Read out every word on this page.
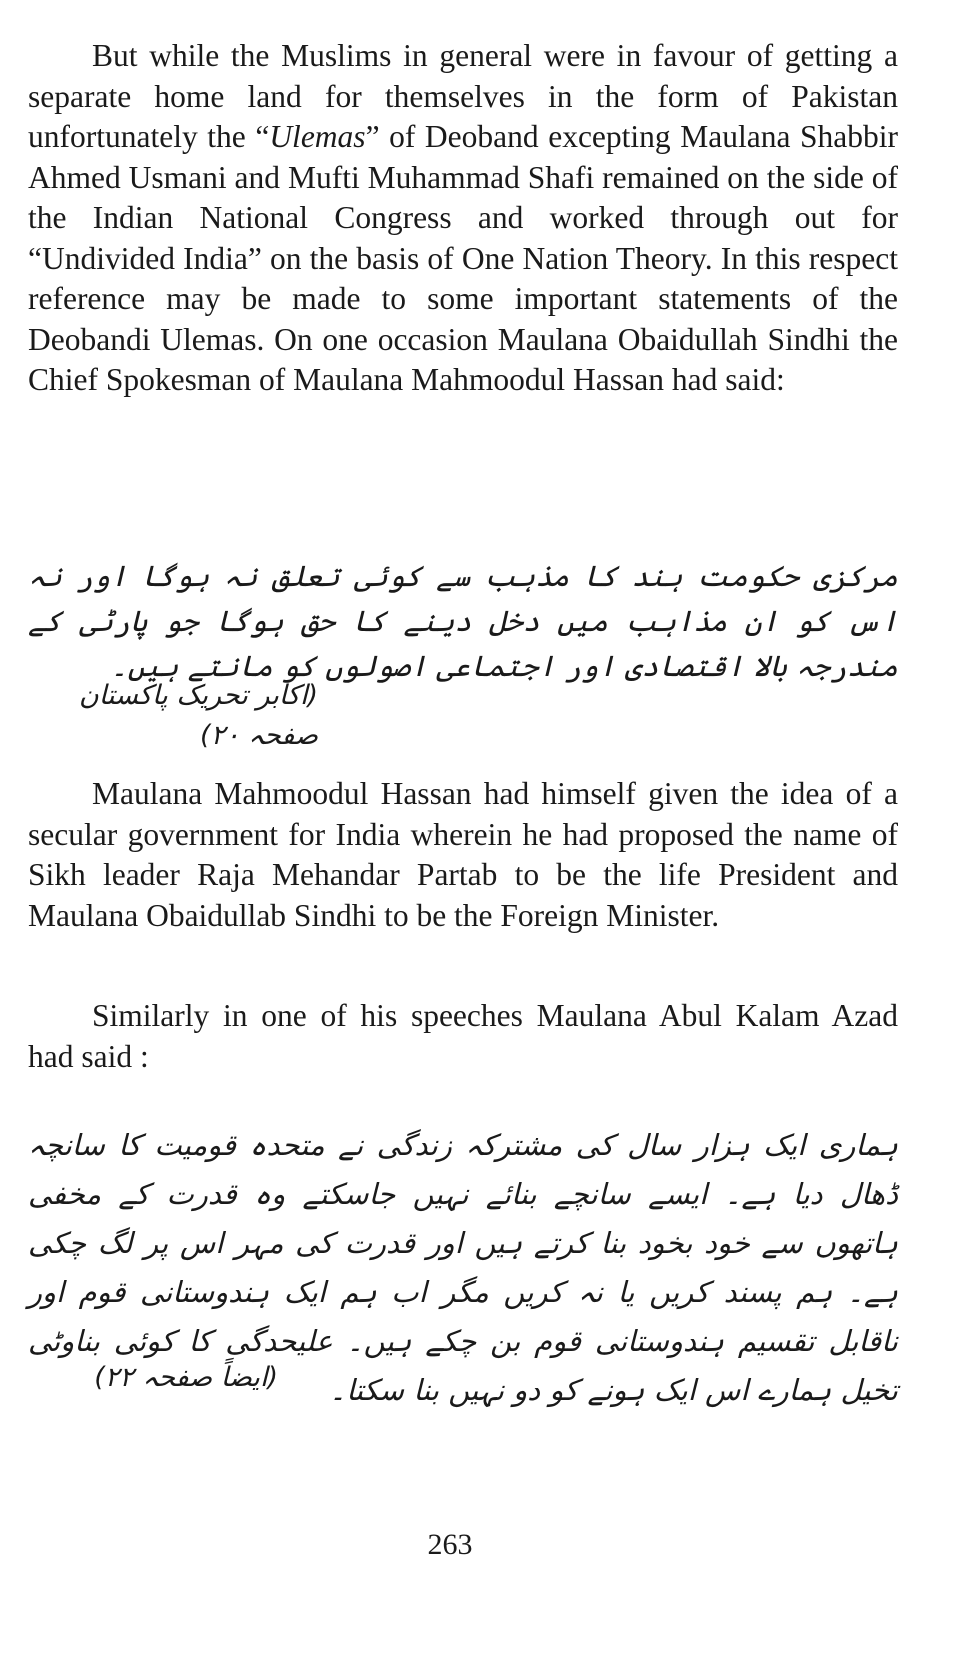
But while the Muslims in general were in favour of getting a separate home land for themselves in the form of Pakistan unfortunately the “Ulemas” of Deoband excepting Maulana Shabbir Ahmed Usmani and Mufti Muhammad Shafi remained on the side of the Indian National Congress and worked through out for “Undivided India” on the basis of One Nation Theory. In this respect reference may be made to some important statements of the Deobandi Ulemas. On one occasion Maulana Obaidullah Sindhi the Chief Spokesman of Maulana Mahmoodul Hassan had said:

مرکزی حکومت ہند کا مذہب سے کوئی تعلق نہ ہوگا اور نہ اس کو ان مذاہب میں دخل دینے کا حق ہوگا جو پارٹی کے مندرجہ بالا اقتصادی اور اجتماعی اصولوں کو مانتے ہیں۔

(اکابر تحریک پاکستان صفحہ ۲۰)

Maulana Mahmoodul Hassan had himself given the idea of a secular government for India wherein he had proposed the name of Sikh leader Raja Mehandar Partab to be the life President and Maulana Obaidullab Sindhi to be the Foreign Minister.

Similarly in one of his speeches Maulana Abul Kalam Azad had said :

ہماری ایک ہزار سال کی مشترکہ زندگی نے متحدہ قومیت کا سانچہ ڈھال دیا ہے۔ ایسے سانچے بنائے نہیں جاسکتے وہ قدرت کے مخفی ہاتھوں سے خود بخود بنا کرتے ہیں اور قدرت کی مہر اس پر لگ چکی ہے۔ ہم پسند کریں یا نہ کریں مگر اب ہم ایک ہندوستانی قوم اور ناقابل تقسیم ہندوستانی قوم بن چکے ہیں۔ علیحدگی کا کوئی بناوٹی تخیل ہمارے اس ایک ہونے کو دو نہیں بنا سکتا۔

(ایضاً صفحہ ۲۲)
263
